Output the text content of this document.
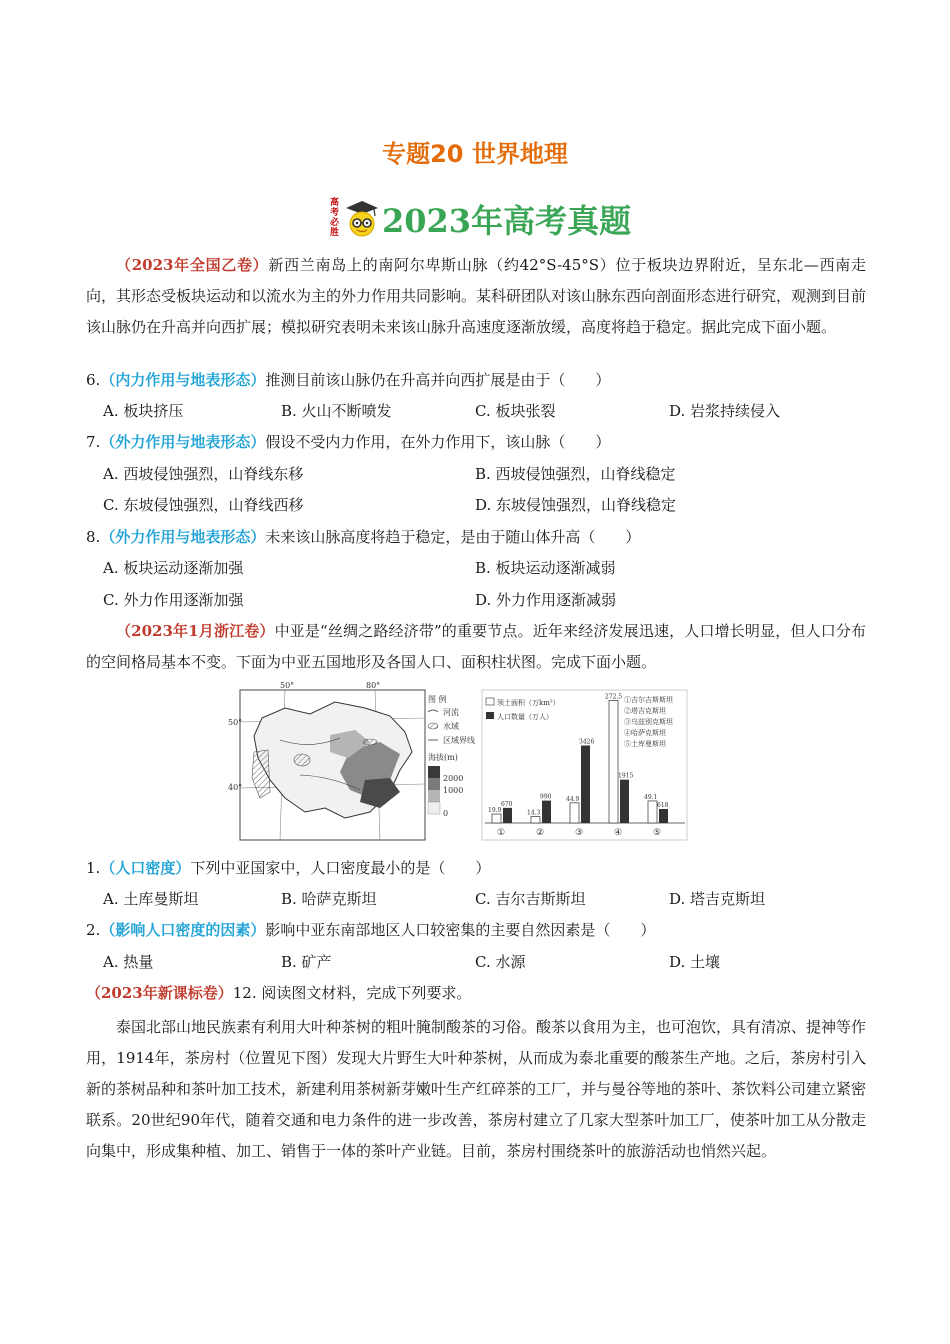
专题20 世界地理
高
考
必
胜 2023年高考真题
（2023年全国乙卷）新西兰南岛上的南阿尔卑斯山脉（约42°S-45°S）位于板块边界附近，呈东北—西南走向，其形态受板块运动和以流水为主的外力作用共同影响。某科研团队对该山脉东西向剖面形态进行研究，观测到目前该山脉仍在升高并向西扩展；模拟研究表明未来该山脉升高速度逐渐放缓，高度将趋于稳定。据此完成下面小题。
6.（内力作用与地表形态）推测目前该山脉仍在升高并向西扩展是由于（　　）
A. 板块挤压	B. 火山不断喷发	C. 板块张裂	D. 岩浆持续侵入
7.（外力作用与地表形态）假设不受内力作用，在外力作用下，该山脉（　　）
A. 西坡侵蚀强烈，山脊线东移	B. 西坡侵蚀强烈，山脊线稳定
C. 东坡侵蚀强烈，山脊线西移	D. 东坡侵蚀强烈，山脊线稳定
8.（外力作用与地表形态）未来该山脉高度将趋于稳定，是由于随山体升高（　　）
A. 板块运动逐渐加强	B. 板块运动逐渐减弱
C. 外力作用逐渐加强	D. 外力作用逐渐减弱
（2023年1月浙江卷）中亚是“丝绸之路经济带”的重要节点。近年来经济发展迅速，人口增长明显，但人口分布的空间格局基本不变。下面为中亚五国地形及各国人口、面积柱状图。完成下面小题。
50°	80°
50°
40°
图 例
河流
水域
区域界线
海拔(m)
2000
1000
0
领土面积（万km²）
人口数量（万人）
①吉尔吉斯斯坦
②塔吉克斯坦
③乌兹别克斯坦
④哈萨克斯坦
⑤土库曼斯坦
19.9
670
①
14.3
990
②
44.9
3426
③
272.5
1915
④
49.1
618
⑤
1.（人口密度）下列中亚国家中，人口密度最小的是（　　）
A. 土库曼斯坦	B. 哈萨克斯坦	C. 吉尔吉斯斯坦	D. 塔吉克斯坦
2.（影响人口密度的因素）影响中亚东南部地区人口较密集的主要自然因素是（　　）
A. 热量	B. 矿产	C. 水源	D. 土壤
（2023年新课标卷）12. 阅读图文材料，完成下列要求。
泰国北部山地民族素有利用大叶种茶树的粗叶腌制酸茶的习俗。酸茶以食用为主，也可泡饮，具有清凉、提神等作用，1914年，茶房村（位置见下图）发现大片野生大叶种茶树，从而成为泰北重要的酸茶生产地。之后，茶房村引入新的茶树品种和茶叶加工技术，新建利用茶树新芽嫩叶生产红碎茶的工厂，并与曼谷等地的茶叶、茶饮料公司建立紧密联系。20世纪90年代，随着交通和电力条件的进一步改善，茶房村建立了几家大型茶叶加工厂，使茶叶加工从分散走向集中，形成集种植、加工、销售于一体的茶叶产业链。目前，茶房村围绕茶叶的旅游活动也悄然兴起。
